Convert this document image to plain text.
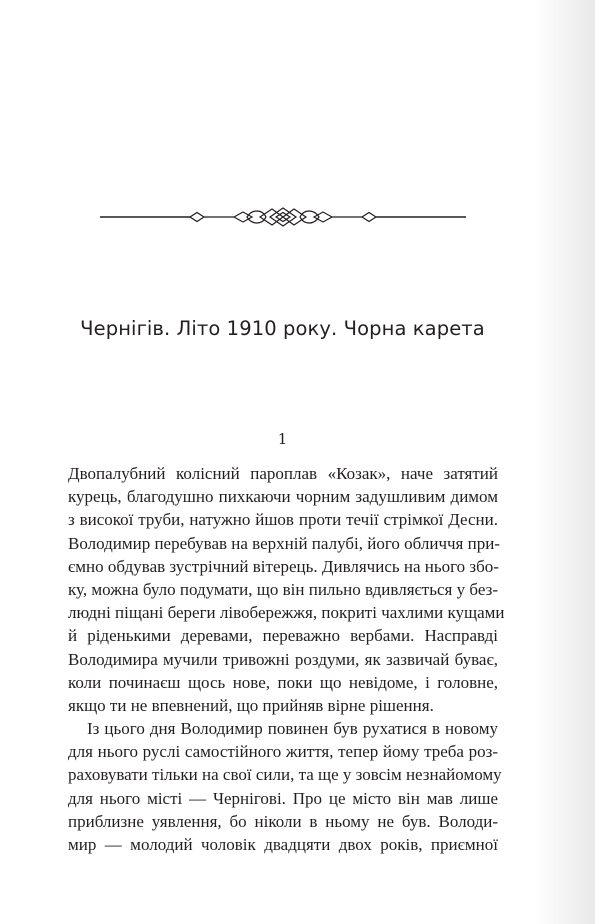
Чернігів. Літо 1910 року. Чорна карета
1
Двопалубний колісний пароплав «Козак», наче затятий
курець, благодушно пихкаючи чорним задушливим димом
з високої труби, натужно йшов проти течії стрімкої Десни.
Володимир перебував на верхній палубі, його обличчя при-
ємно обдував зустрічний вітерець. Дивлячись на нього збо-
ку, можна було подумати, що він пильно вдивляється у без-
людні піщані береги лівобережжя, покриті чахлими кущами
й ріденькими деревами, переважно вербами. Насправді
Володимира мучили тривожні роздуми, як зазвичай буває,
коли починаєш щось нове, поки що невідоме, і головне,
якщо ти не впевнений, що прийняв вірне рішення.
Із цього дня Володимир повинен був рухатися в новому
для нього руслі самостійного життя, тепер йому треба роз-
раховувати тільки на свої сили, та ще у зовсім незнайомому
для нього місті — Чернігові. Про це місто він мав лише
приблизне уявлення, бо ніколи в ньому не був. Володи-
мир — молодий чоловік двадцяти двох років, приємної
